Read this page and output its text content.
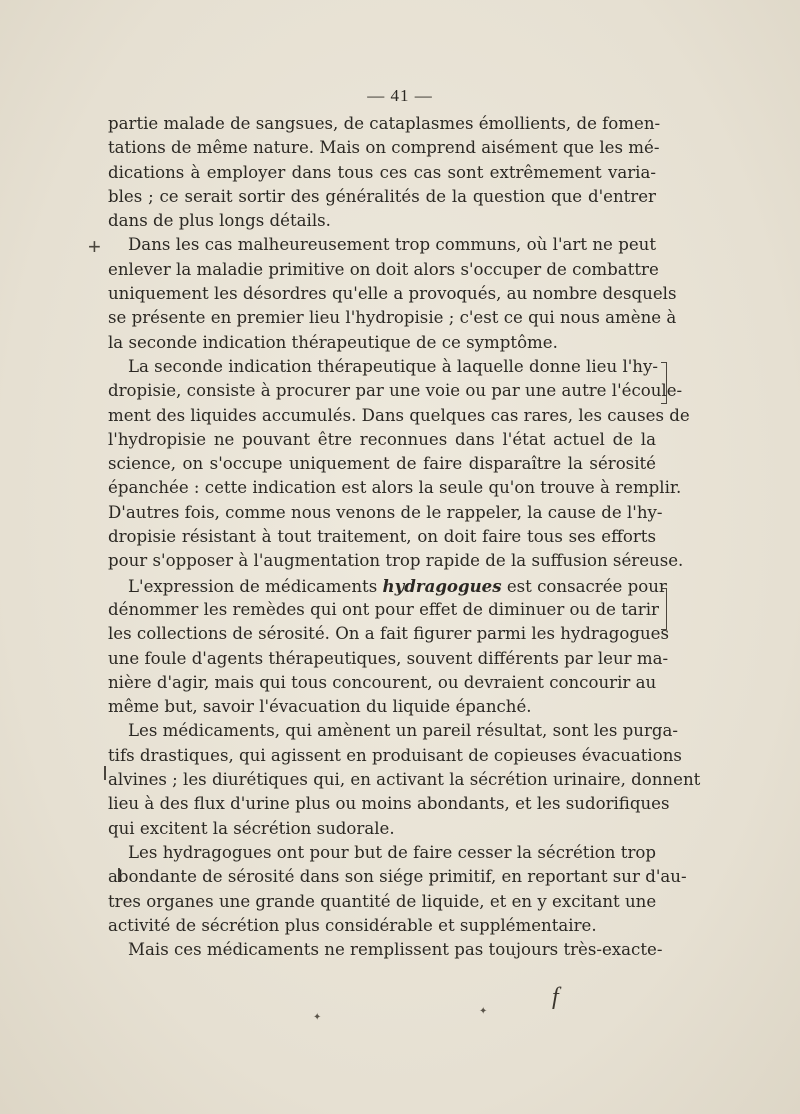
— 41 —
+
partie malade de sangsues, de cataplasmes émollients, de fomen-
tations de même nature. Mais on comprend aisément que les mé-
dications à employer dans tous ces cas sont extrêmement varia-
bles ; ce serait sortir des généralités de la question que d'entrer
dans de plus longs détails.
Dans les cas malheureusement trop communs, où l'art ne peut
enlever la maladie primitive on doit alors s'occuper de combattre
uniquement les désordres qu'elle a provoqués, au nombre desquels
se présente en premier lieu l'hydropisie ; c'est ce qui nous amène à
la seconde indication thérapeutique de ce symptôme.
La seconde indication thérapeutique à laquelle donne lieu l'hy-
dropisie, consiste à procurer par une voie ou par une autre l'écoule-
ment des liquides accumulés. Dans quelques cas rares, les causes de
l'hydropisie ne pouvant être reconnues dans l'état actuel de la
science, on s'occupe uniquement de faire disparaître la sérosité
épanchée : cette indication est alors la seule qu'on trouve à remplir.
D'autres fois, comme nous venons de le rappeler, la cause de l'hy-
dropisie résistant à tout traitement, on doit faire tous ses efforts
pour s'opposer à l'augmentation trop rapide de la suffusion séreuse.
L'expression de médicaments hydragogues est consacrée pour
dénommer les remèdes qui ont pour effet de diminuer ou de tarir
les collections de sérosité. On a fait figurer parmi les hydragogues
une foule d'agents thérapeutiques, souvent différents par leur ma-
nière d'agir, mais qui tous concourent, ou devraient concourir au
même but, savoir l'évacuation du liquide épanché.
Les médicaments, qui amènent un pareil résultat, sont les purga-
tifs drastiques, qui agissent en produisant de copieuses évacuations
alvines ; les diurétiques qui, en activant la sécrétion urinaire, donnent
lieu à des flux d'urine plus ou moins abondants, et les sudorifiques
qui excitent la sécrétion sudorale.
Les hydragogues ont pour but de faire cesser la sécrétion trop
abondante de sérosité dans son siége primitif, en reportant sur d'au-
tres organes une grande quantité de liquide, et en y excitant une
activité de sécrétion plus considérable et supplémentaire.
Mais ces médicaments ne remplissent pas toujours très-exacte-
f
✦
✦
